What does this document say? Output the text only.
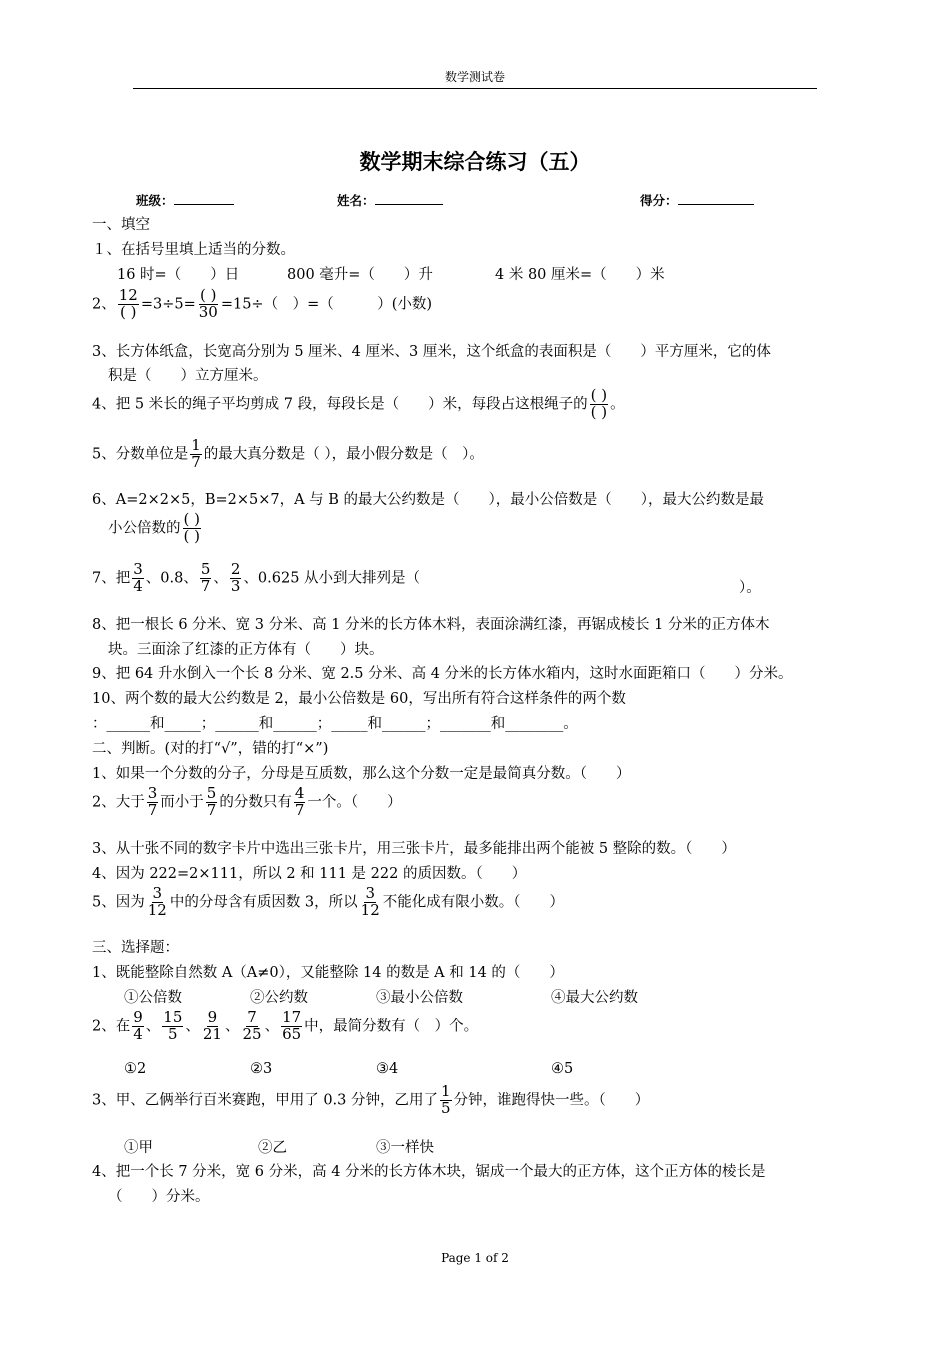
数学测试卷
数学期末综合练习（五）
班级：	姓名：	得分：
一、填空
１、在括号里填上适当的分数。
16 时=（　　）日	800 毫升=（　　）升	4 米 80 厘米=（　　）米
2、 $\frac{12}{( )} =3\div 5= \frac{( )}{30} =15\div$（　）=（　　　）(小数)
3、长方体纸盒，长宽高分别为 5 厘米、4 厘米、3 厘米，这个纸盒的表面积是（　　）平方厘米，它的体
积是（　　）立方厘米。
4、把 5 米长的绳子平均剪成 7 段，每段长是（　　）米，每段占这根绳子的 $\frac{( )}{( )}$ 。
5、分数单位是 $\frac{1}{7}$ 的最大真分数是（ ），最小假分数是（　）。
6、A=2×2×5，B=2×5×7，A 与 B 的最大公约数是（　　），最小公倍数是（　　），最大公约数是最
小公倍数的 $\frac{( )}{( )}$
7、把 $\frac{3}{4}$ 、0.8、 $\frac{5}{7}$ 、 $\frac{2}{3}$ 、0.625 从小到大排列是（
）。
8、把一根长 6 分米、宽 3 分米、高 1 分米的长方体木料，表面涂满红漆，再锯成棱长 1 分米的正方体木
块。三面涂了红漆的正方体有（　　）块。
9、把 64 升水倒入一个长 8 分米、宽 2.5 分米、高 4 分米的长方体水箱内，这时水面距箱口（　　）分米。
10、两个数的最大公约数是 2，最小公倍数是 60，写出所有符合这样条件的两个数
：______和_____；______和______；_____和______；_______和________。
二、判断。(对的打“√”，错的打“×”)
1、如果一个分数的分子，分母是互质数，那么这个分数一定是最简真分数。（　　）
2、大于 $\frac{3}{7}$ 而小于 $\frac{5}{7}$ 的分数只有 $\frac{4}{7}$ 一个。（　　）
3、从十张不同的数字卡片中选出三张卡片，用三张卡片，最多能排出两个能被 5 整除的数。（　　）
4、因为 222=2×111，所以 2 和 111 是 222 的质因数。（　　）
5、因为 $\frac{3}{12}$ 中的分母含有质因数 3，所以 $\frac{3}{12}$ 不能化成有限小数。（　　）
三、选择题：
1、既能整除自然数 A（A≠0），又能整除 14 的数是 A 和 14 的（　　）
①公倍数	②公约数	③最小公倍数	④最大公约数
2、在 $\frac{9}{4}$ 、 $\frac{15}{5}$ 、 $\frac{9}{21}$ 、 $\frac{7}{25}$ 、 $\frac{17}{65}$ 中，最简分数有（　）个。
①2	②3	③4	④5
3、甲、乙俩举行百米赛跑，甲用了 0.3 分钟，乙用了 $\frac{1}{5}$ 分钟，谁跑得快一些。（　　）
①甲	②乙	③一样快
4、把一个长 7 分米，宽 6 分米，高 4 分米的长方体木块，锯成一个最大的正方体，这个正方体的棱长是
（　　）分米。
Page 1 of 2
